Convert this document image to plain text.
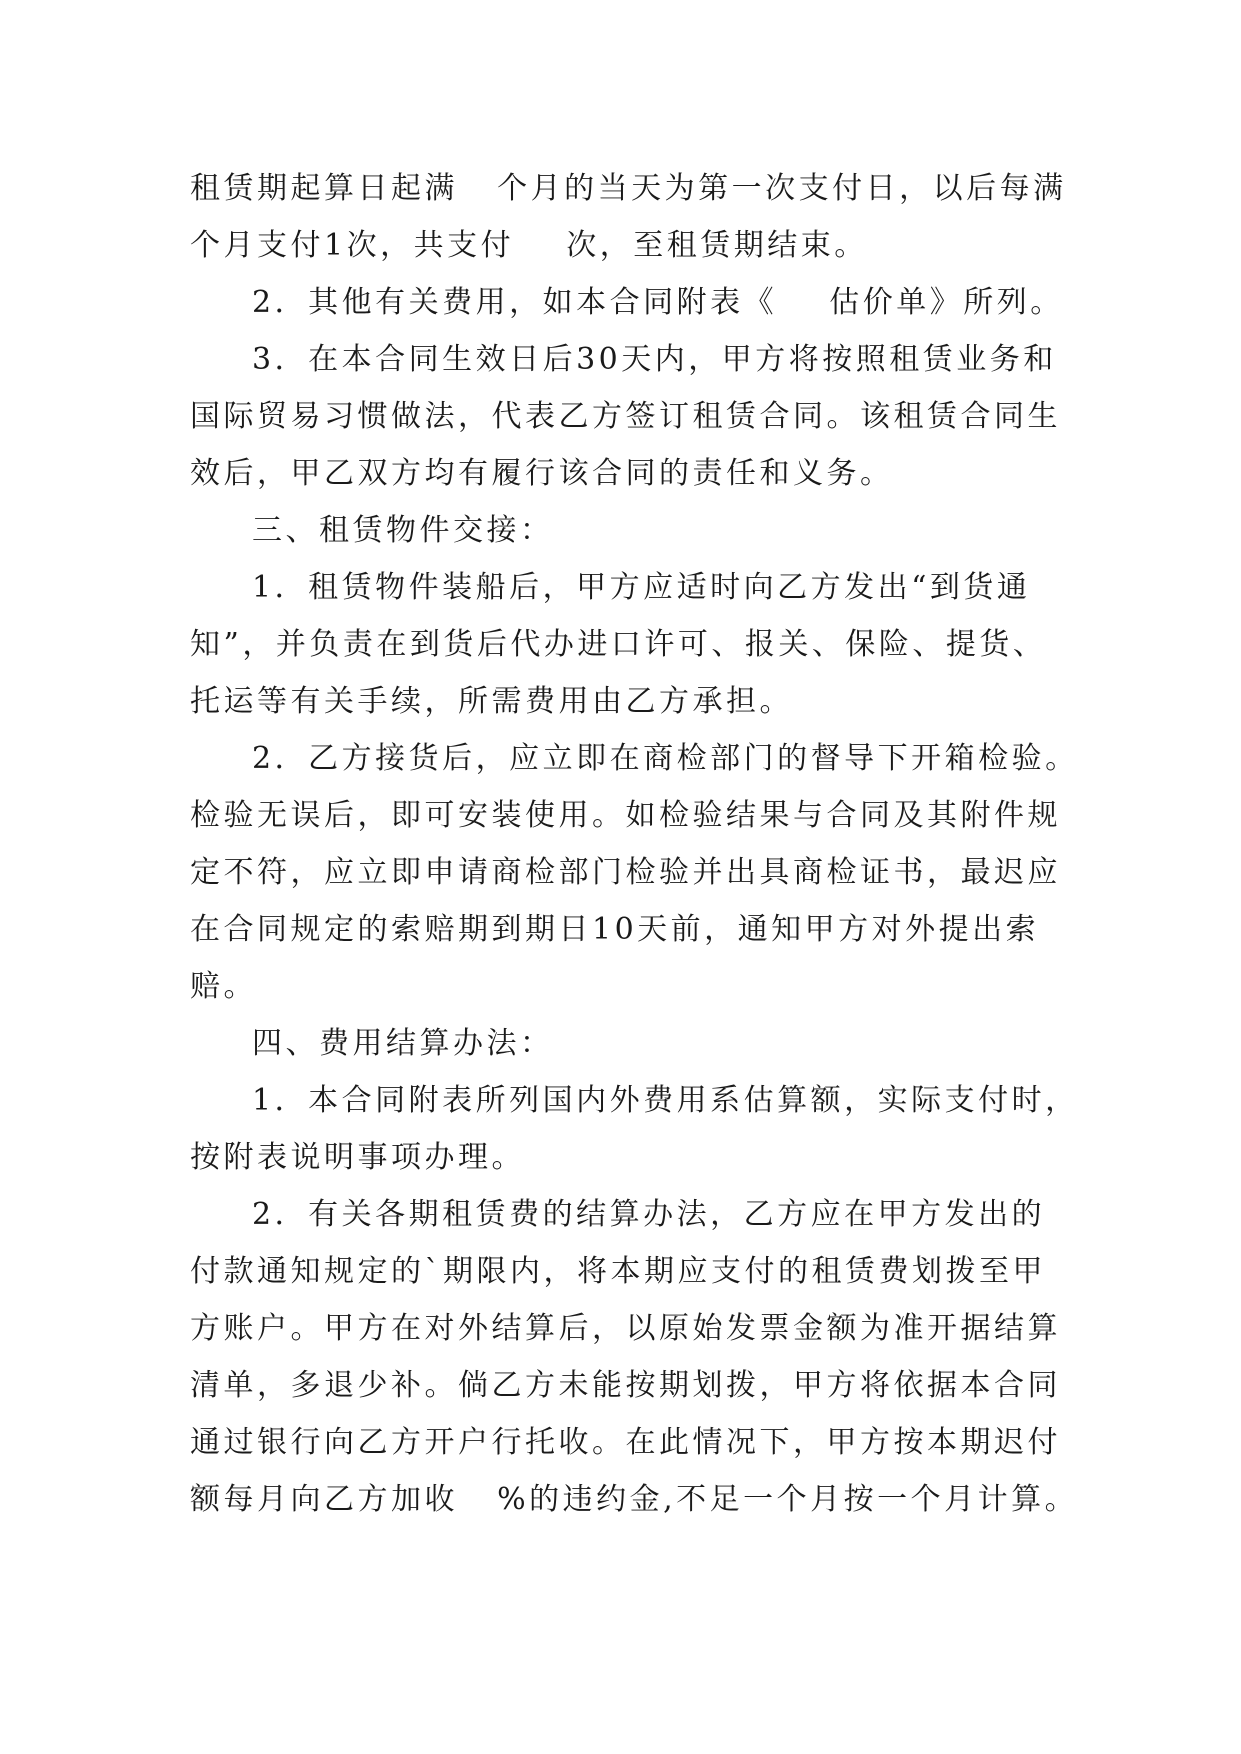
租赁期起算日起满   个月的当天为第一次支付日，以后每满
个月支付1次，共支付    次，至租赁期结束。
2．其他有关费用，如本合同附表《    估价单》所列。
3．在本合同生效日后30天内，甲方将按照租赁业务和
国际贸易习惯做法，代表乙方签订租赁合同。该租赁合同生
效后，甲乙双方均有履行该合同的责任和义务。
三、租赁物件交接：
1．租赁物件装船后，甲方应适时向乙方发出“到货通
知”，并负责在到货后代办进口许可、报关、保险、提货、
托运等有关手续，所需费用由乙方承担。
2．乙方接货后，应立即在商检部门的督导下开箱检验。
检验无误后，即可安装使用。如检验结果与合同及其附件规
定不符，应立即申请商检部门检验并出具商检证书，最迟应
在合同规定的索赔期到期日10天前，通知甲方对外提出索
赔。
四、费用结算办法：
1．本合同附表所列国内外费用系估算额，实际支付时，
按附表说明事项办理。
2．有关各期租赁费的结算办法，乙方应在甲方发出的
付款通知规定的`期限内，将本期应支付的租赁费划拨至甲
方账户。甲方在对外结算后，以原始发票金额为准开据结算
清单，多退少补。倘乙方未能按期划拨，甲方将依据本合同
通过银行向乙方开户行托收。在此情况下，甲方按本期迟付
额每月向乙方加收   %的违约金,不足一个月按一个月计算。
